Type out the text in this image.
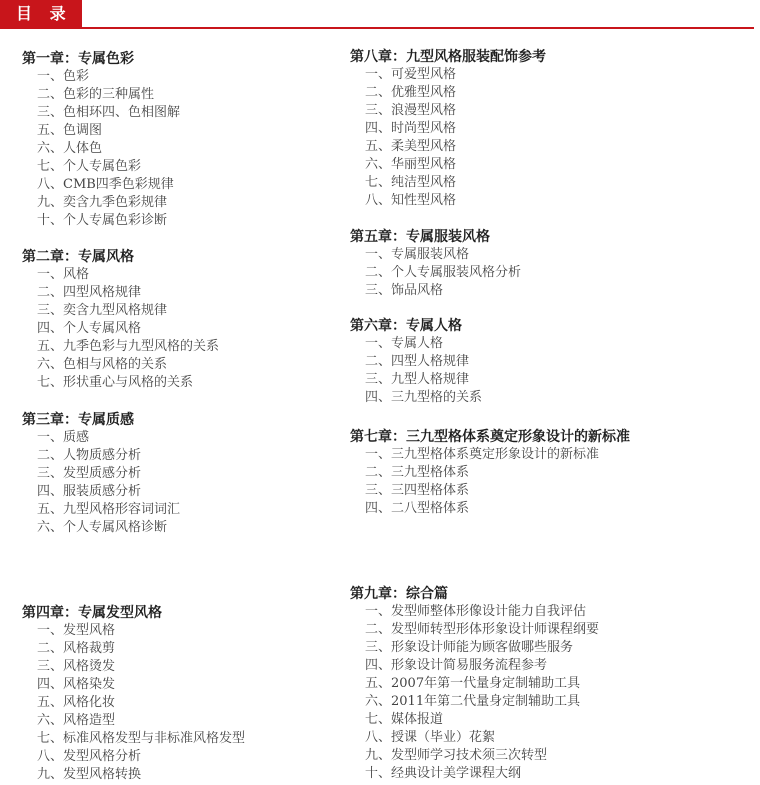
目 录
第一章：专属色彩
一、色彩
二、色彩的三种属性
三、色相环四、色相图解
五、色调图
六、人体色
七、个人专属色彩
八、CMB四季色彩规律
九、奕含九季色彩规律
十、个人专属色彩诊断
第二章：专属风格
一、风格
二、四型风格规律
三、奕含九型风格规律
四、个人专属风格
五、九季色彩与九型风格的关系
六、色相与风格的关系
七、形状重心与风格的关系
第三章：专属质感
一、质感
二、人物质感分析
三、发型质感分析
四、服装质感分析
五、九型风格形容词词汇
六、个人专属风格诊断
第四章：专属发型风格
一、发型风格
二、风格裁剪
三、风格烫发
四、风格染发
五、风格化妆
六、风格造型
七、标准风格发型与非标准风格发型
八、发型风格分析
九、发型风格转换
第八章：九型风格服装配饰参考
一、可爱型风格
二、优雅型风格
三、浪漫型风格
四、时尚型风格
五、柔美型风格
六、华丽型风格
七、纯洁型风格
八、知性型风格
第五章：专属服装风格
一、专属服装风格
二、个人专属服装风格分析
三、饰品风格
第六章：专属人格
一、专属人格
二、四型人格规律
三、九型人格规律
四、三九型格的关系
第七章：三九型格体系奠定形象设计的新标准
一、三九型格体系奠定形象设计的新标准
二、三九型格体系
三、三四型格体系
四、二八型格体系
第九章：综合篇
一、发型师整体形像设计能力自我评估
二、发型师转型形体形象设计师课程纲要
三、形象设计师能为顾客做哪些服务
四、形象设计简易服务流程参考
五、2007年第一代量身定制辅助工具
六、2011年第二代量身定制辅助工具
七、媒体报道
八、授课（毕业）花絮
九、发型师学习技术须三次转型
十、经典设计美学课程大纲
